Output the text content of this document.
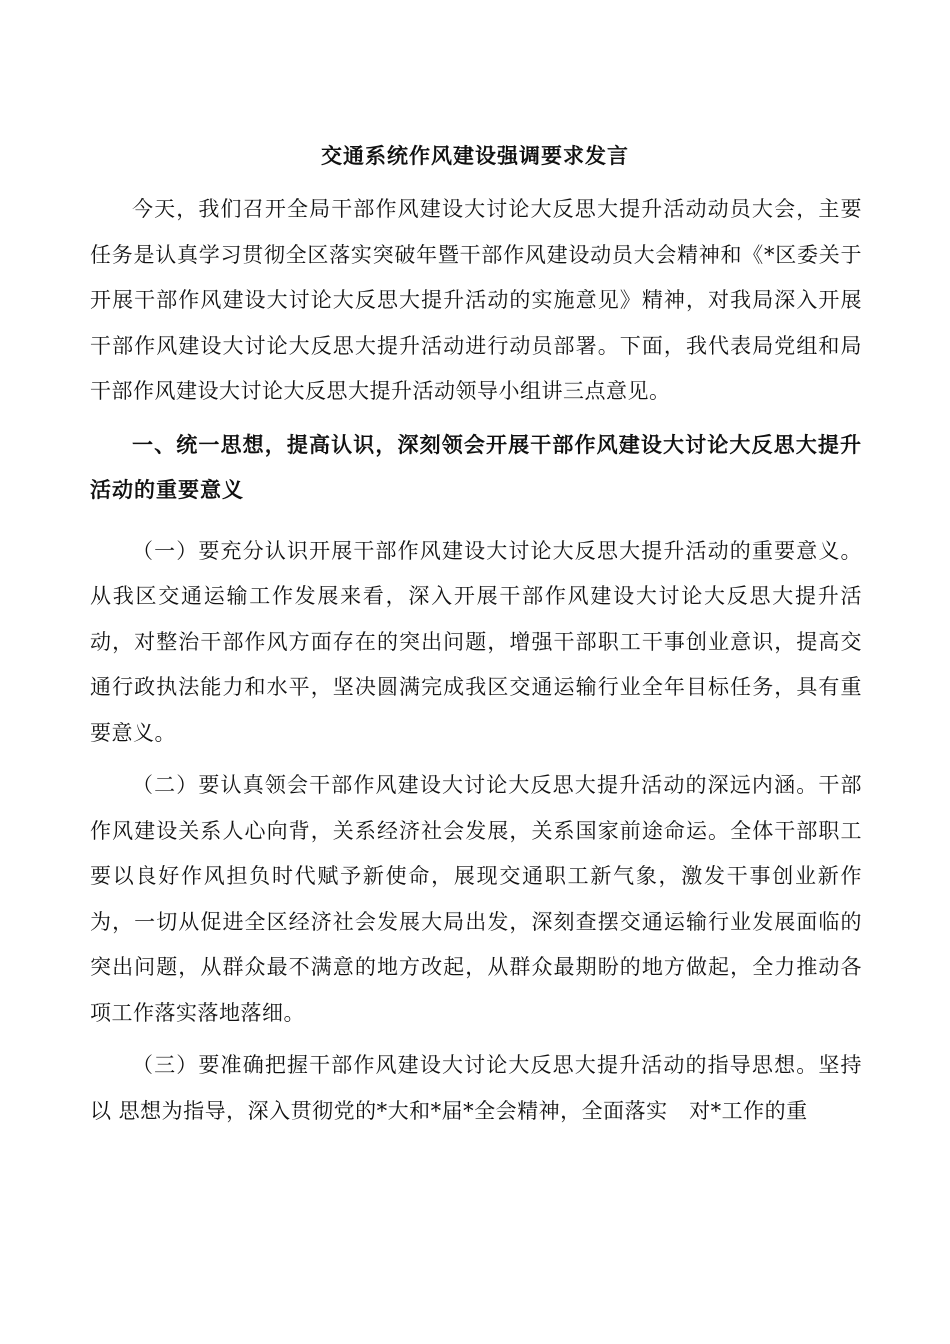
交通系统作风建设强调要求发言

今天，我们召开全局干部作风建设大讨论大反思大提升活动动员大会，主要任务是认真学习贯彻全区落实突破年暨干部作风建设动员大会精神和《*区委关于开展干部作风建设大讨论大反思大提升活动的实施意见》精神，对我局深入开展干部作风建设大讨论大反思大提升活动进行动员部署。下面，我代表局党组和局干部作风建设大讨论大反思大提升活动领导小组讲三点意见。

一、统一思想，提高认识，深刻领会开展干部作风建设大讨论大反思大提升活动的重要意义

（一）要充分认识开展干部作风建设大讨论大反思大提升活动的重要意义。从我区交通运输工作发展来看，深入开展干部作风建设大讨论大反思大提升活动，对整治干部作风方面存在的突出问题，增强干部职工干事创业意识，提高交通行政执法能力和水平，坚决圆满完成我区交通运输行业全年目标任务，具有重要意义。

（二）要认真领会干部作风建设大讨论大反思大提升活动的深远内涵。干部作风建设关系人心向背，关系经济社会发展，关系国家前途命运。全体干部职工要以良好作风担负时代赋予新使命，展现交通职工新气象，激发干事创业新作为，一切从促进全区经济社会发展大局出发，深刻查摆交通运输行业发展面临的突出问题，从群众最不满意的地方改起，从群众最期盼的地方做起，全力推动各项工作落实落地落细。

（三）要准确把握干部作风建设大讨论大反思大提升活动的指导思想。坚持以 思想为指导，深入贯彻党的*大和*届*全会精神，全面落实　对*工作的重
